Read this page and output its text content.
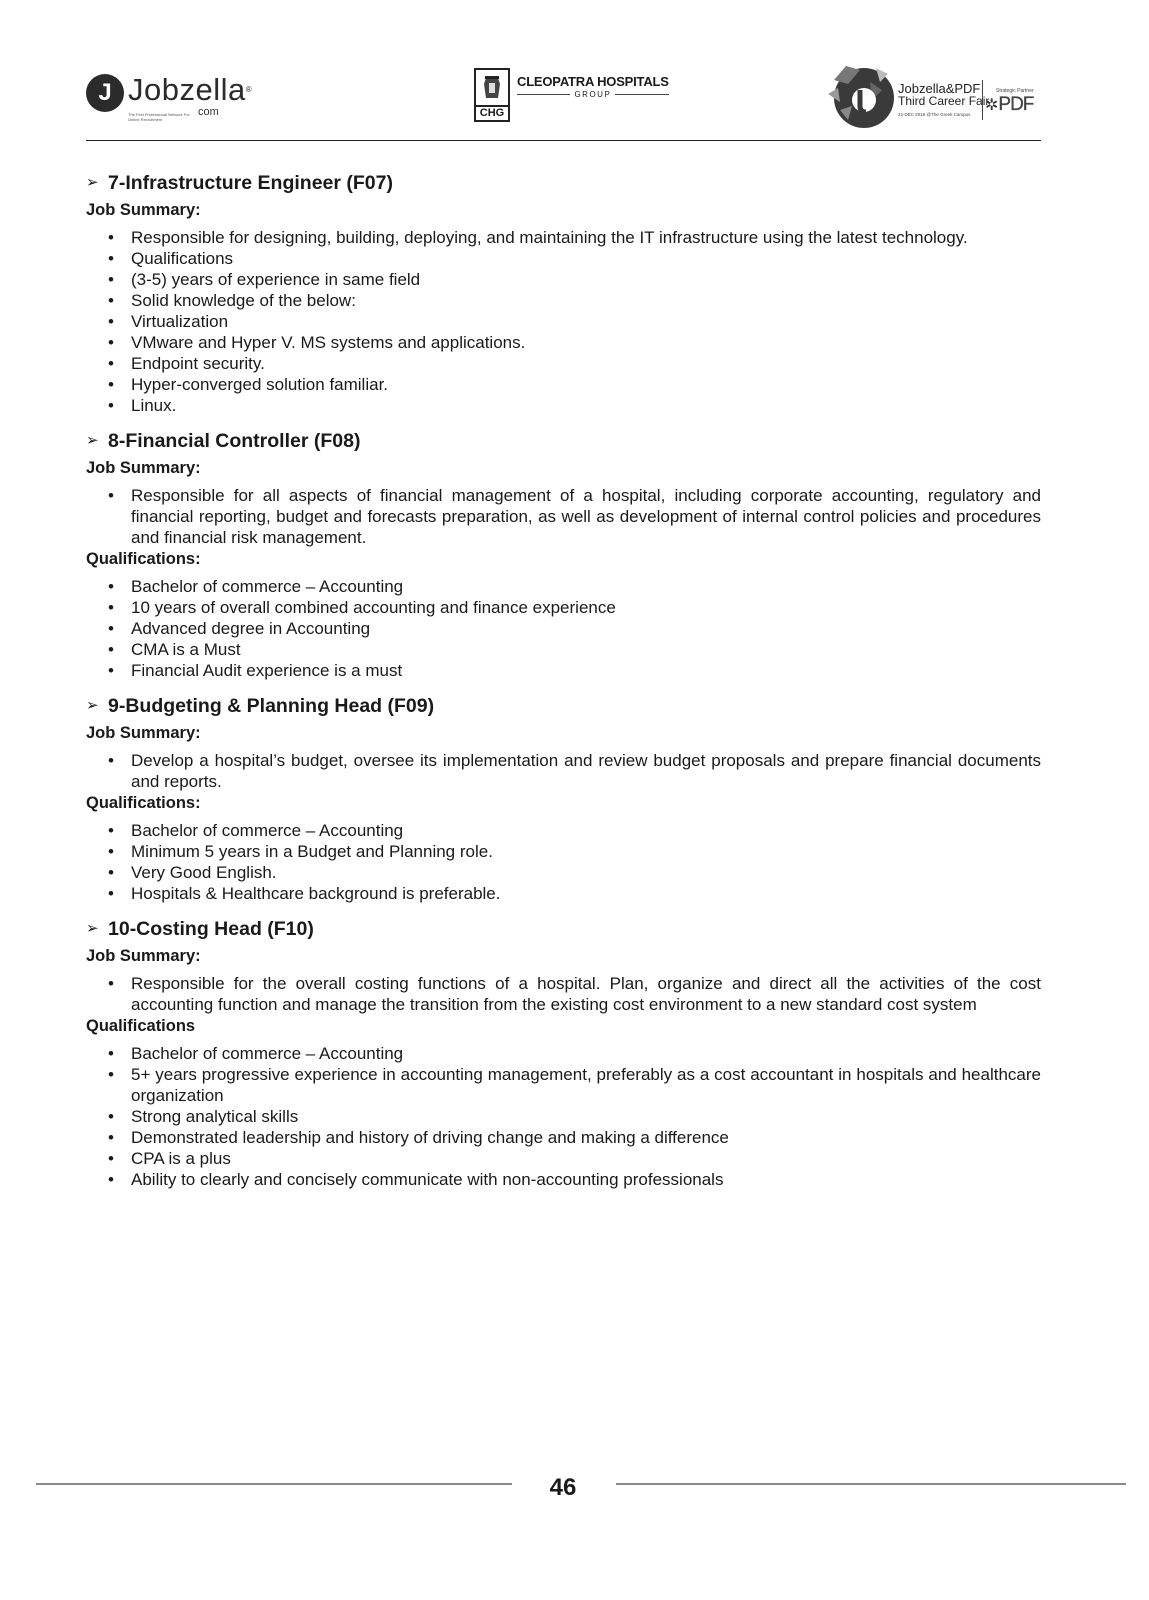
J Jobzella®
com
The First Professional Network For Online Recruitment
CHG
CLEOPATRA HOSPITALS
GROUP	Jobzella&PDF
Third Career Fair
22-DEC 2018 @The Greek Campus
Strategic Partner
✲ PDF
➢ 7-Infrastructure Engineer (F07)
Job Summary:
• Responsible for designing, building, deploying, and maintaining the IT infrastructure using the latest technology.
• Qualifications
• (3-5) years of experience in same field
• Solid knowledge of the below:
• Virtualization
• VMware and Hyper V. MS systems and applications.
• Endpoint security.
• Hyper-converged solution familiar.
• Linux.
➢ 8-Financial Controller (F08)
Job Summary:
• Responsible for all aspects of financial management of a hospital, including corporate accounting, regulatory and financial reporting, budget and forecasts preparation, as well as development of internal control policies and procedures and financial risk management.
Qualifications:
• Bachelor of commerce – Accounting
• 10 years of overall combined accounting and finance experience
• Advanced degree in Accounting
• CMA is a Must
• Financial Audit experience is a must
➢ 9-Budgeting & Planning Head (F09)
Job Summary:
• Develop a hospital’s budget, oversee its implementation and review budget proposals and prepare financial documents and reports.
Qualifications:
• Bachelor of commerce – Accounting
• Minimum 5 years in a Budget and Planning role.
• Very Good English.
• Hospitals & Healthcare background is preferable.
➢ 10-Costing Head (F10)
Job Summary:
• Responsible for the overall costing functions of a hospital. Plan, organize and direct all the activities of the cost accounting function and manage the transition from the existing cost environment to a new standard cost system
Qualifications
• Bachelor of commerce – Accounting
• 5+ years progressive experience in accounting management, preferably as a cost accountant in hospitals and healthcare organization
• Strong analytical skills
• Demonstrated leadership and history of driving change and making a difference
• CPA is a plus
• Ability to clearly and concisely communicate with non-accounting professionals
46
